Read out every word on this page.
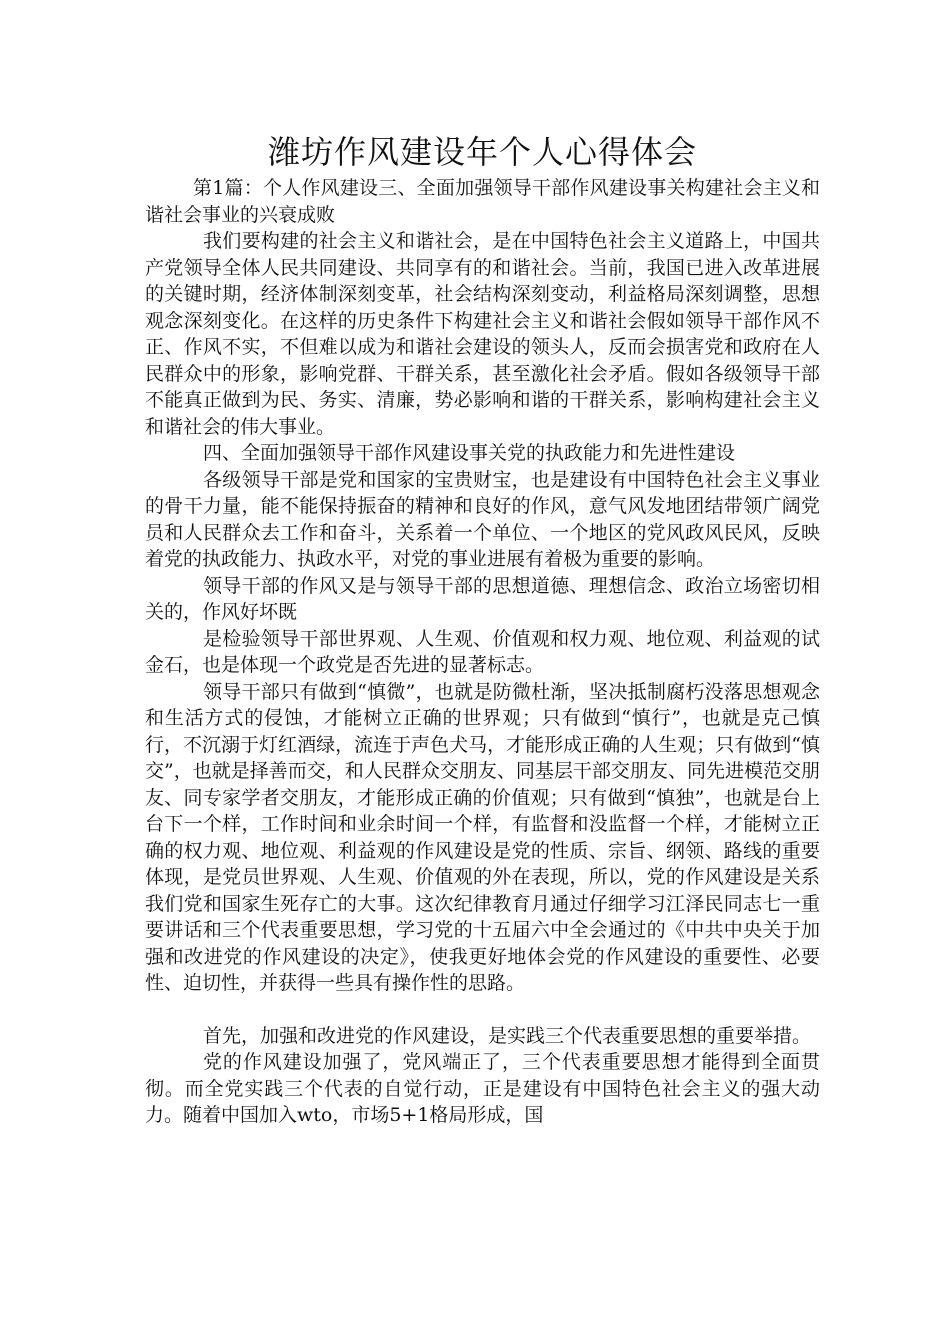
潍坊作风建设年个人心得体会

第1篇：个人作风建设三、全面加强领导干部作风建设事关构建社会主义和谐社会事业的兴衰成败

我们要构建的社会主义和谐社会，是在中国特色社会主义道路上，中国共产党领导全体人民共同建设、共同享有的和谐社会。当前，我国已进入改革进展的关键时期，经济体制深刻变革，社会结构深刻变动，利益格局深刻调整，思想观念深刻变化。在这样的历史条件下构建社会主义和谐社会假如领导干部作风不正、作风不实，不但难以成为和谐社会建设的领头人，反而会损害党和政府在人民群众中的形象，影响党群、干群关系，甚至激化社会矛盾。假如各级领导干部不能真正做到为民、务实、清廉，势必影响和谐的干群关系，影响构建社会主义和谐社会的伟大事业。

四、全面加强领导干部作风建设事关党的执政能力和先进性建设

各级领导干部是党和国家的宝贵财宝，也是建设有中国特色社会主义事业的骨干力量，能不能保持振奋的精神和良好的作风，意气风发地团结带领广阔党员和人民群众去工作和奋斗，关系着一个单位、一个地区的党风政风民风，反映着党的执政能力、执政水平，对党的事业进展有着极为重要的影响。

领导干部的作风又是与领导干部的思想道德、理想信念、政治立场密切相关的，作风好坏既

是检验领导干部世界观、人生观、价值观和权力观、地位观、利益观的试金石，也是体现一个政党是否先进的显著标志。

领导干部只有做到“慎微”，也就是防微杜渐，坚决抵制腐朽没落思想观念和生活方式的侵蚀，才能树立正确的世界观；只有做到“慎行”，也就是克己慎行，不沉溺于灯红酒绿，流连于声色犬马，才能形成正确的人生观；只有做到“慎交”，也就是择善而交，和人民群众交朋友、同基层干部交朋友、同先进模范交朋友、同专家学者交朋友，才能形成正确的价值观；只有做到“慎独”，也就是台上台下一个样，工作时间和业余时间一个样，有监督和没监督一个样，才能树立正确的权力观、地位观、利益观的作风建设是党的性质、宗旨、纲领、路线的重要体现，是党员世界观、人生观、价值观的外在表现，所以，党的作风建设是关系我们党和国家生死存亡的大事。这次纪律教育月通过仔细学习江泽民同志七一重要讲话和三个代表重要思想，学习党的十五届六中全会通过的《中共中央关于加强和改进党的作风建设的决定》，使我更好地体会党的作风建设的重要性、必要性、迫切性，并获得一些具有操作性的思路。

首先，加强和改进党的作风建设，是实践三个代表重要思想的重要举措。

党的作风建设加强了，党风端正了，三个代表重要思想才能得到全面贯彻。而全党实践三个代表的自觉行动，正是建设有中国特色社会主义的强大动力。随着中国加入wto，市场5+1格局形成，国
